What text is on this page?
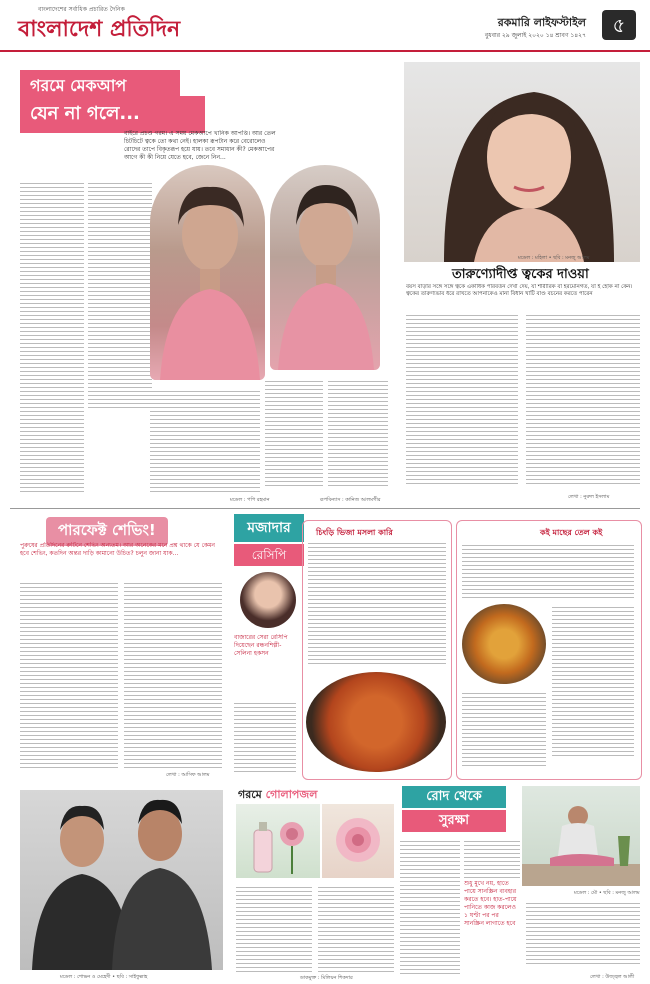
বাংলাদেশের সর্বাধিক প্রচারিত দৈনিক
বাংলাদেশ প্রতিদিন	রকমারি লাইফস্টাইল
বুধবার ২৯ জুলাই ২০২০ ১৪ শ্রাবণ ১৪২৭	৫
গরমে মেকআপ
যেন না গলে...
বাইরে প্রচণ্ড গরম। এ সময় মেকআপে খানিক আপত্তি। আর তেল চিটচিটে ত্বকে তো কথা নেই। হালকা রূপটান করে বেরোলেও রোদের তাপে বিকৃতরূপ হয়ে যায়। তবে সমাধান কী? মেকআপের আগে কী কী নিয়ে যেতে হবে, জেনে নিন...
মডেল : পপি রহমান	রূপবিন্যাস : কানিজ আলমগীর
মডেল : মহিলা • ছবি : মনজু আলম
তারুণ্যোদীপ্ত ত্বকের দাওয়া
বয়স বাড়ার সঙ্গে সঙ্গে ত্বকে একাধিক পরিবর্তন দেখা দেয়, যা শারীরিক বা হরমোনগত, যা ই হোক না কেন। ত্বকের তারুণ্যভাব ধরে রাখতে আপনাকেও মানা বিধান খাটি বাণ্ড বচনের করতে পারেন
লেখা : নুরুল ইসলাম
পারফেক্ট শেভিং!
পুরুষের প্রতিদিনের রুটিনে শেভিং অন্যতম। আর অনেকের মনে প্রশ্ন থাকে যে কেমন হবে শেভিং, কতদিন অন্তর দাড়ি কামানো উচিত? চলুন জানা যাক...
লেখা : আসিফ আলম
মডেল : শোভন ও মেহেদী • ছবি : সাইফুল্লাহ
মজাদার
রেসিপি
বাজারের সেরা রেসিপি দিয়েছেন রন্ধনশিল্পী- সেলিনা হকসন
চিংড়ি ভিজা মসলা কারি	কই মাছের তেল কই
গরমে গোলাপজল
ডাকমুক্ত : মিলিয়ন শিকদার
রোদ থেকে
সুরক্ষা
শুধু মুখে নয়, হাতে পায়ে সানস্ক্রিন ব্যবহার করতে হবে। হাত-পায়ে পানিতে কাজ করলেও ১ ঘণ্টা পর পর সানস্ক্রিন লাগাতে হবে
মডেল : মৌ • ছবি : মনজু আলম
লেখা : উজ্জ্বল আলী
